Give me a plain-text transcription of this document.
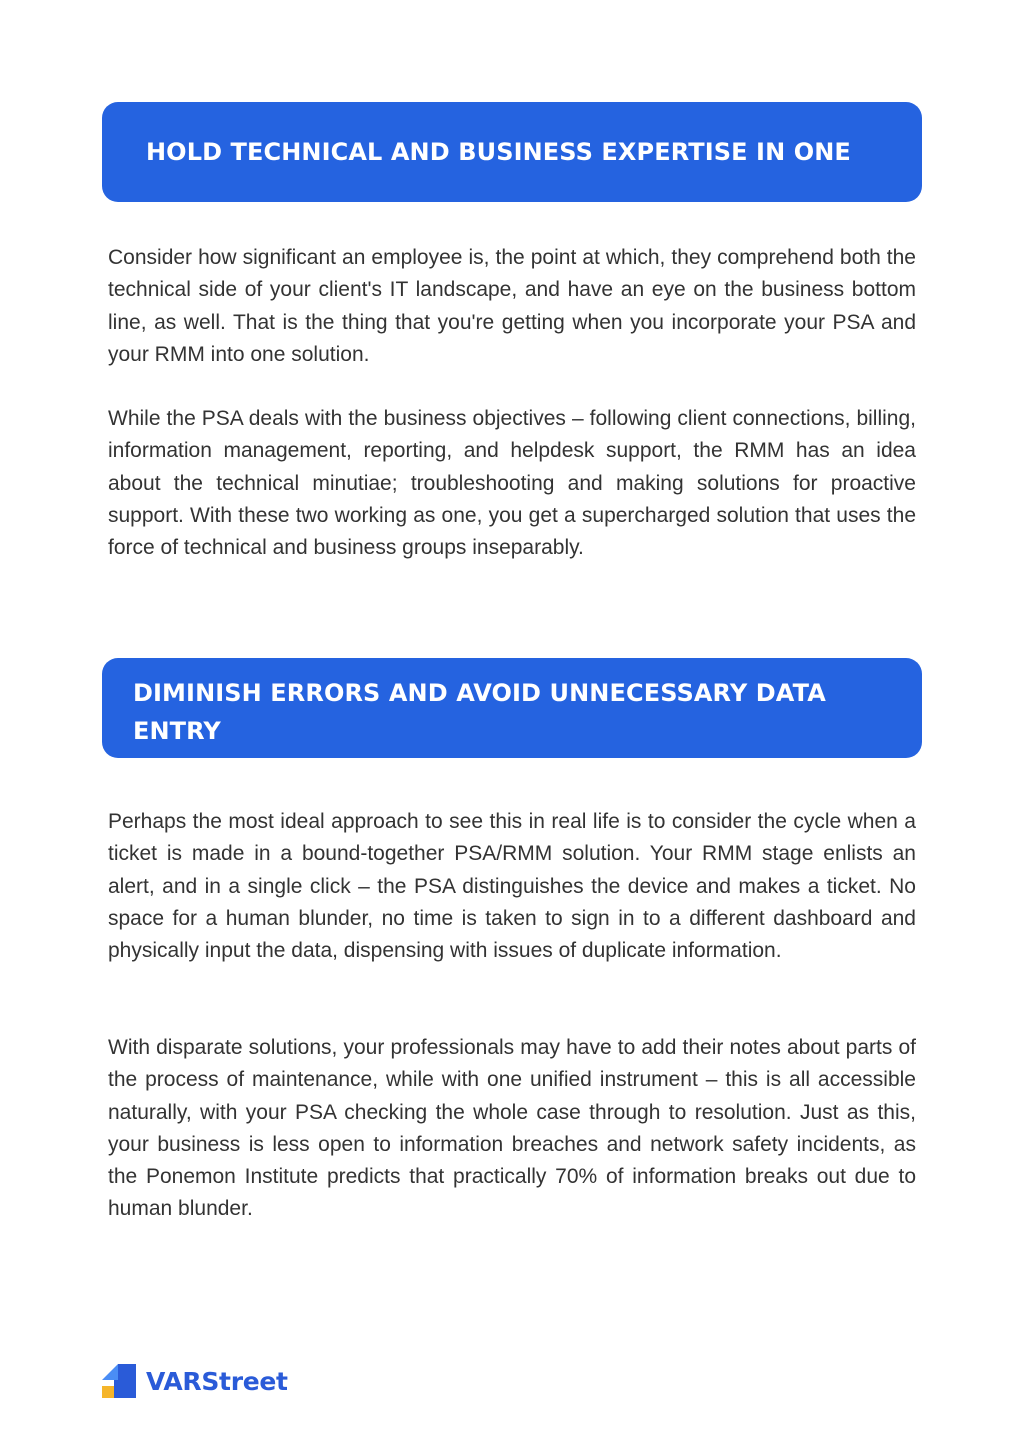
HOLD TECHNICAL AND BUSINESS EXPERTISE IN ONE

Consider how significant an employee is, the point at which, they comprehend both the technical side of your client's IT landscape, and have an eye on the business bottom line, as well. That is the thing that you're getting when you incorporate your PSA and your RMM into one solution.

While the PSA deals with the business objectives – following client connections, billing, information management, reporting, and helpdesk support, the RMM has an idea about the technical minutiae; troubleshooting and making solutions for proactive support. With these two working as one, you get a supercharged solution that uses the force of technical and business groups inseparably.

DIMINISH ERRORS AND AVOID UNNECESSARY DATA ENTRY

Perhaps the most ideal approach to see this in real life is to consider the cycle when a ticket is made in a bound-together PSA/RMM solution. Your RMM stage enlists an alert, and in a single click – the PSA distinguishes the device and makes a ticket. No space for a human blunder, no time is taken to sign in to a different dashboard and physically input the data, dispensing with issues of duplicate information.

With disparate solutions, your professionals may have to add their notes about parts of the process of maintenance, while with one unified instrument – this is all accessible naturally, with your PSA checking the whole case through to resolution. Just as this, your business is less open to information breaches and network safety incidents, as the Ponemon Institute predicts that practically 70% of information breaks out due to human blunder.

VARStreet
